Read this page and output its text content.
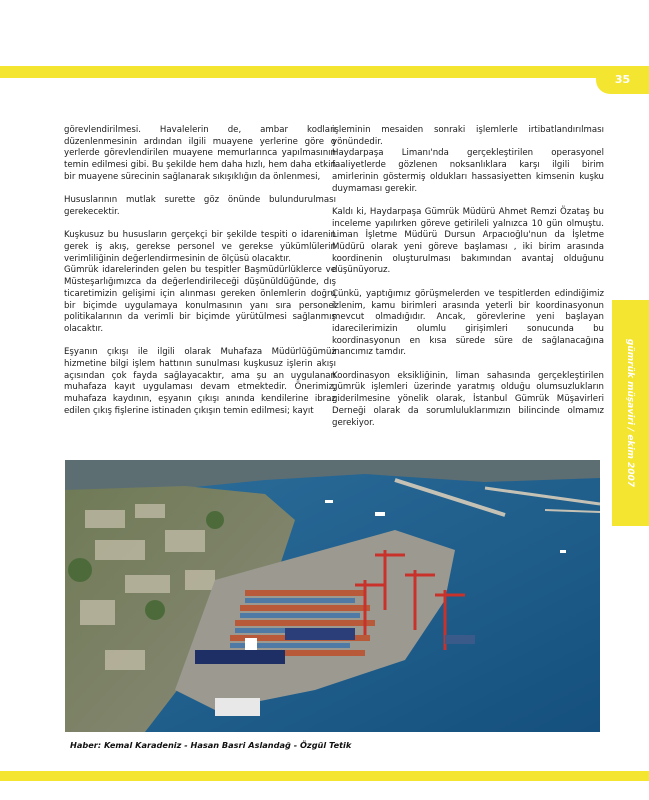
35
gümrük müşaviri / ekim 2007

görevlendirilmesi. Havalelerin de, ambar kodları düzenlenmesinin ardından ilgili muayene yerlerine göre o yerlerde görevlendirilen muayene memurlarınca yapılmasının temin edilmesi gibi. Bu şekilde hem daha hızlı, hem daha etkin bir muayene sürecinin sağlanarak sıkışıklığın da önlenmesi,

Hususlarının mutlak surette göz önünde bulundurulması gerekecektir.

Kuşkusuz bu hususların gerçekçi bir şekilde tespiti o idarenin gerek iş akış, gerekse personel ve gerekse yükümlülerin verimliliğinin değerlendirmesinin de ölçüsü olacaktır.

Gümrük idarelerinden gelen bu tespitler Başmüdürlüklerce ve Müsteşarlığımızca da değerlendirileceği düşünüldüğünde, dış ticaretimizin gelişimi için alınması gereken önlemlerin doğru bir biçimde uygulamaya konulmasının yanı sıra personel politikalarının da verimli bir biçimde yürütülmesi sağlanmış olacaktır.

Eşyanın çıkışı ile ilgili olarak Muhafaza Müdürlüğümüz hizmetine bilgi işlem hattının sunulması kuşkusuz işlerin akışı açısından çok fayda sağlayacaktır, ama şu an uygulanan muhafaza kayıt uygulaması devam etmektedir. Önerimiz, muhafaza kaydının, eşyanın çıkışı anında kendilerine ibraz edilen çıkış fişlerine istinaden çıkışın temin edilmesi; kayıt

işleminin mesaiden sonraki işlemlerle irtibatlandırılması yönündedir.

Haydarpaşa Limanı'nda gerçekleştirilen operasyonel faaliyetlerde gözlenen noksanlıklara karşı ilgili birim amirlerinin göstermiş oldukları hassasiyetten kimsenin kuşku duymaması gerekir.

Kaldı ki, Haydarpaşa Gümrük Müdürü Ahmet Remzi Özataş bu inceleme yapılırken göreve getirileli yalnızca 10 gün olmuştu. Liman İşletme Müdürü Dursun Arpacıoğlu'nun da İşletme Müdürü olarak yeni göreve başlaması , iki birim arasında koordinenin oluşturulması bakımından avantaj olduğunu düşünüyoruz.

Çünkü, yaptığımız görüşmelerden ve tespitlerden edindiğimiz izlenim, kamu birimleri arasında yeterli bir koordinasyonun mevcut olmadığıdır. Ancak, görevlerine yeni başlayan idarecilerimizin olumlu girişimleri sonucunda bu koordinasyonun en kısa sürede süre de sağlanacağına inancımız tamdır.

Koordinasyon eksikliğinin, liman sahasında gerçekleştirilen gümrük işlemleri üzerinde yaratmış olduğu olumsuzlukların giderilmesine yönelik olarak, İstanbul Gümrük Müşavirleri Derneği olarak da sorumluluklarımızın bilincinde olmamız gerekiyor.

Haber: Kemal Karadeniz - Hasan Basri Aslandağ - Özgül Tetik
